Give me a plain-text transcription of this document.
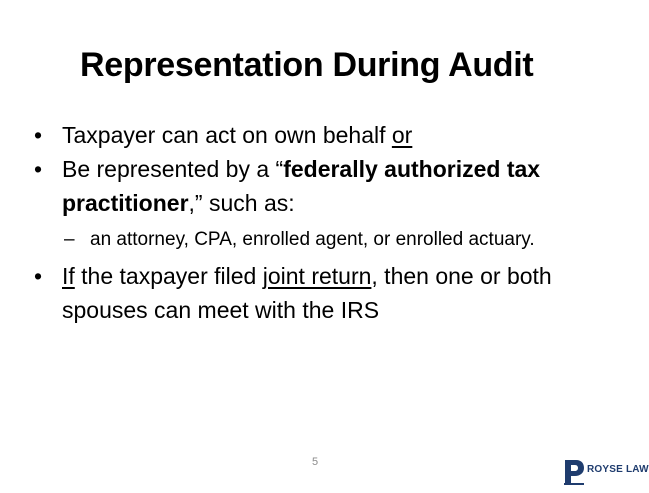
Representation During Audit
• Taxpayer can act on own behalf or
• Be represented by a “federally authorized tax practitioner,” such as:
– an attorney, CPA, enrolled agent, or enrolled actuary.
• If the taxpayer filed joint return, then one or both spouses can meet with the IRS
5
ROYSE LAW
